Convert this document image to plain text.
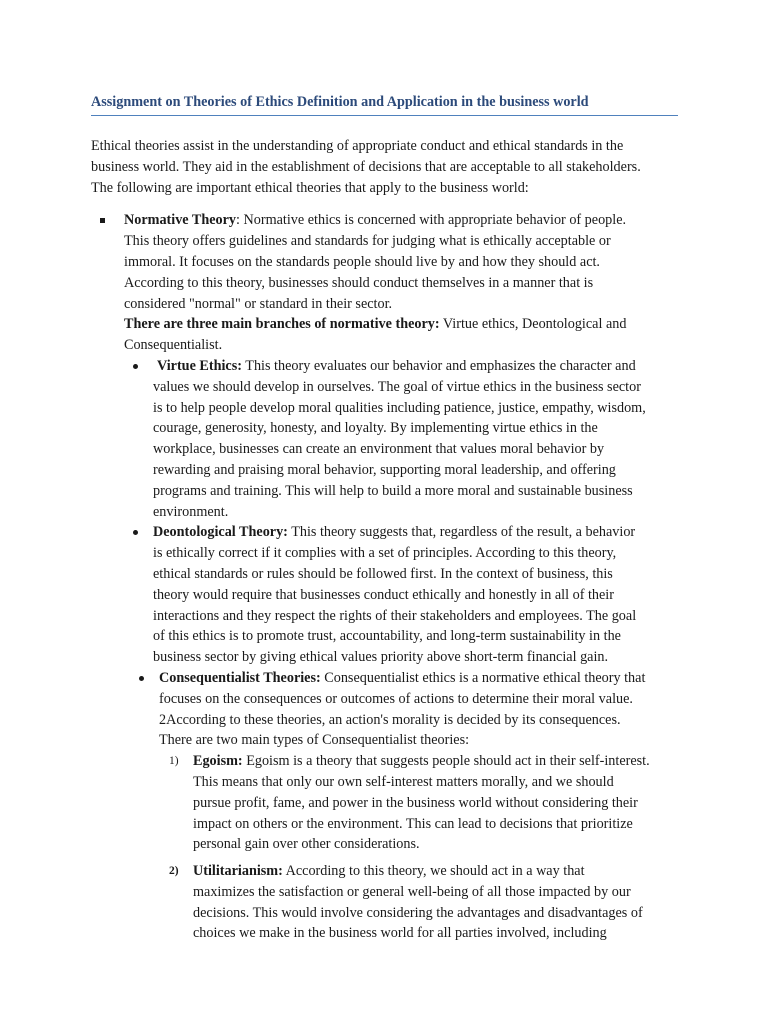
Assignment on Theories of Ethics Definition and Application in the business world

Ethical theories assist in the understanding of appropriate conduct and ethical standards in the

business world. They aid in the establishment of decisions that are acceptable to all stakeholders.

The following are important ethical theories that apply to the business world:

Normative Theory: Normative ethics is concerned with appropriate behavior of people.

This theory offers guidelines and standards for judging what is ethically acceptable or

immoral. It focuses on the standards people should live by and how they should act.

According to this theory, businesses should conduct themselves in a manner that is

considered "normal" or standard in their sector.

There are three main branches of normative theory: Virtue ethics, Deontological and

Consequentialist.

Virtue Ethics: This theory evaluates our behavior and emphasizes the character and

values we should develop in ourselves. The goal of virtue ethics in the business sector

is to help people develop moral qualities including patience, justice, empathy, wisdom,

courage, generosity, honesty, and loyalty. By implementing virtue ethics in the

workplace, businesses can create an environment that values moral behavior by

rewarding and praising moral behavior, supporting moral leadership, and offering

programs and training. This will help to build a more moral and sustainable business

environment.

Deontological Theory: This theory suggests that, regardless of the result, a behavior

is ethically correct if it complies with a set of principles. According to this theory,

ethical standards or rules should be followed first. In the context of business, this

theory would require that businesses conduct ethically and honestly in all of their

interactions and they respect the rights of their stakeholders and employees. The goal

of this ethics is to promote trust, accountability, and long-term sustainability in the

business sector by giving ethical values priority above short-term financial gain.

Consequentialist Theories: Consequentialist ethics is a normative ethical theory that

focuses on the consequences or outcomes of actions to determine their moral value.

2According to these theories, an action's morality is decided by its consequences.

There are two main types of Consequentialist theories:

1) Egoism: Egoism is a theory that suggests people should act in their self-interest.

This means that only our own self-interest matters morally, and we should

pursue profit, fame, and power in the business world without considering their

impact on others or the environment. This can lead to decisions that prioritize

personal gain over other considerations.

2) Utilitarianism: According to this theory, we should act in a way that

maximizes the satisfaction or general well-being of all those impacted by our

decisions. This would involve considering the advantages and disadvantages of

choices we make in the business world for all parties involved, including
